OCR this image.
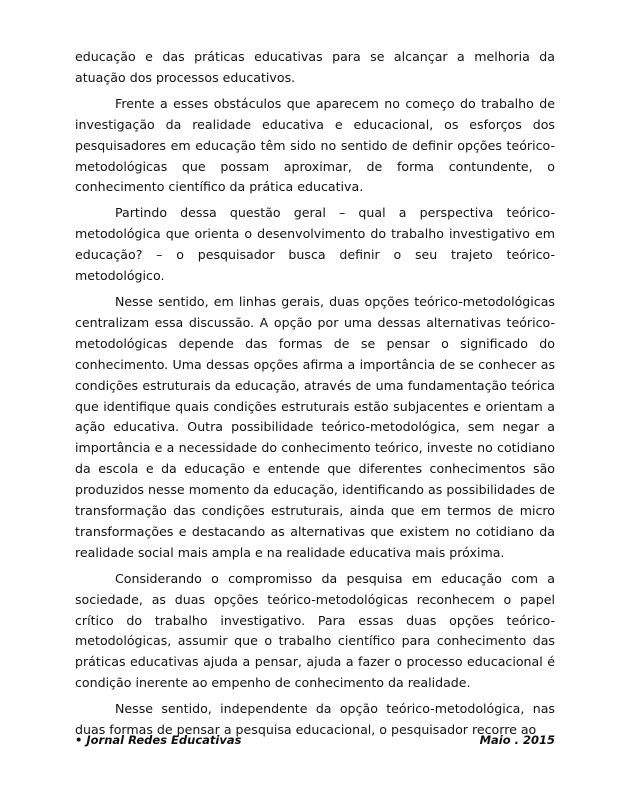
educação e das práticas educativas para se alcançar a melhoria da atuação dos processos educativos.

Frente a esses obstáculos que aparecem no começo do trabalho de investigação da realidade educativa e educacional, os esforços dos pesquisadores em educação têm sido no sentido de definir opções teórico-metodológicas que possam aproximar, de forma contundente, o conhecimento científico da prática educativa.

Partindo dessa questão geral – qual a perspectiva teórico-metodológica que orienta o desenvolvimento do trabalho investigativo em educação? – o pesquisador busca definir o seu trajeto teórico-metodológico.

Nesse sentido, em linhas gerais, duas opções teórico-metodológicas centralizam essa discussão. A opção por uma dessas alternativas teórico-metodológicas depende das formas de se pensar o significado do conhecimento. Uma dessas opções afirma a importância de se conhecer as condições estruturais da educação, através de uma fundamentação teórica que identifique quais condições estruturais estão subjacentes e orientam a ação educativa. Outra possibilidade teórico-metodológica, sem negar a importância e a necessidade do conhecimento teórico, investe no cotidiano da escola e da educação e entende que diferentes conhecimentos são produzidos nesse momento da educação, identificando as possibilidades de transformação das condições estruturais, ainda que em termos de micro transformações e destacando as alternativas que existem no cotidiano da realidade social mais ampla e na realidade educativa mais próxima.

Considerando o compromisso da pesquisa em educação com a sociedade, as duas opções teórico-metodológicas reconhecem o papel crítico do trabalho investigativo. Para essas duas opções teórico-metodológicas, assumir que o trabalho científico para conhecimento das práticas educativas ajuda a pensar, ajuda a fazer o processo educacional é condição inerente ao empenho de conhecimento da realidade.

Nesse sentido, independente da opção teórico-metodológica, nas duas formas de pensar a pesquisa educacional, o pesquisador recorre ao

• Jornal Redes Educativas	Maio . 2015
